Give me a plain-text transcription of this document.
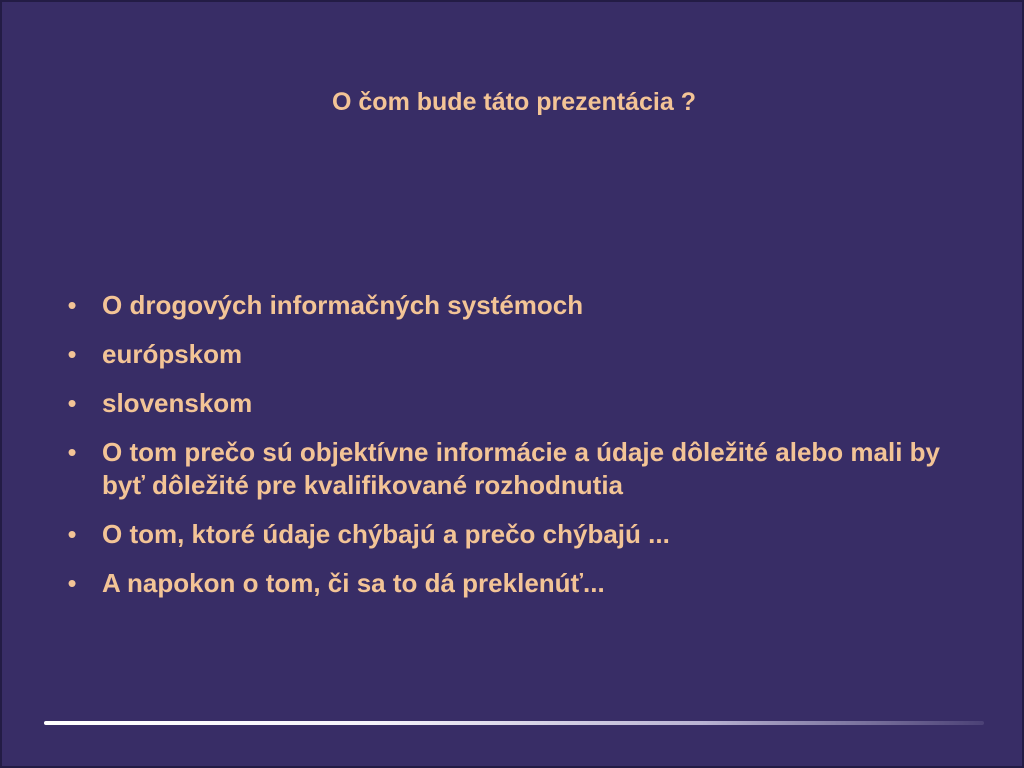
O čom bude táto prezentácia ?
• O drogových informačných systémoch
• európskom
• slovenskom
• O tom prečo sú objektívne informácie a údaje dôležité alebo mali by byť dôležité pre kvalifikované rozhodnutia
• O tom, ktoré údaje chýbajú a prečo chýbajú ...
• A napokon o tom, či sa to dá preklenúť...
